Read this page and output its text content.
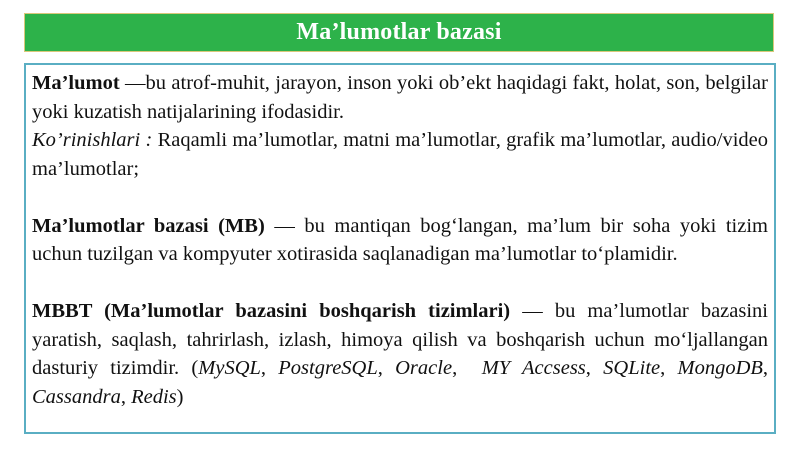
Ma’lumotlar bazasi

Ma’lumot —bu atrof-muhit, jarayon, inson yoki ob’ekt haqidagi fakt, holat, son, belgilar yoki kuzatish natijalarining ifodasidir.

Ko’rinishlari : Raqamli ma’lumotlar, matni ma’lumotlar, grafik ma’lumotlar, audio/video ma’lumotlar;

Ma’lumotlar bazasi (MB) — bu mantiqan bog‘langan, ma’lum bir soha yoki tizim uchun tuzilgan va kompyuter xotirasida saqlanadigan ma’lumotlar to‘plamidir.

MBBT (Ma’lumotlar bazasini boshqarish tizimlari) — bu ma’lumotlar bazasini yaratish, saqlash, tahrirlash, izlash, himoya qilish va boshqarish uchun mo‘ljallangan dasturiy tizimdir. (MySQL, PostgreSQL, Oracle,  MY Accsess, SQLite, MongoDB, Cassandra, Redis)
